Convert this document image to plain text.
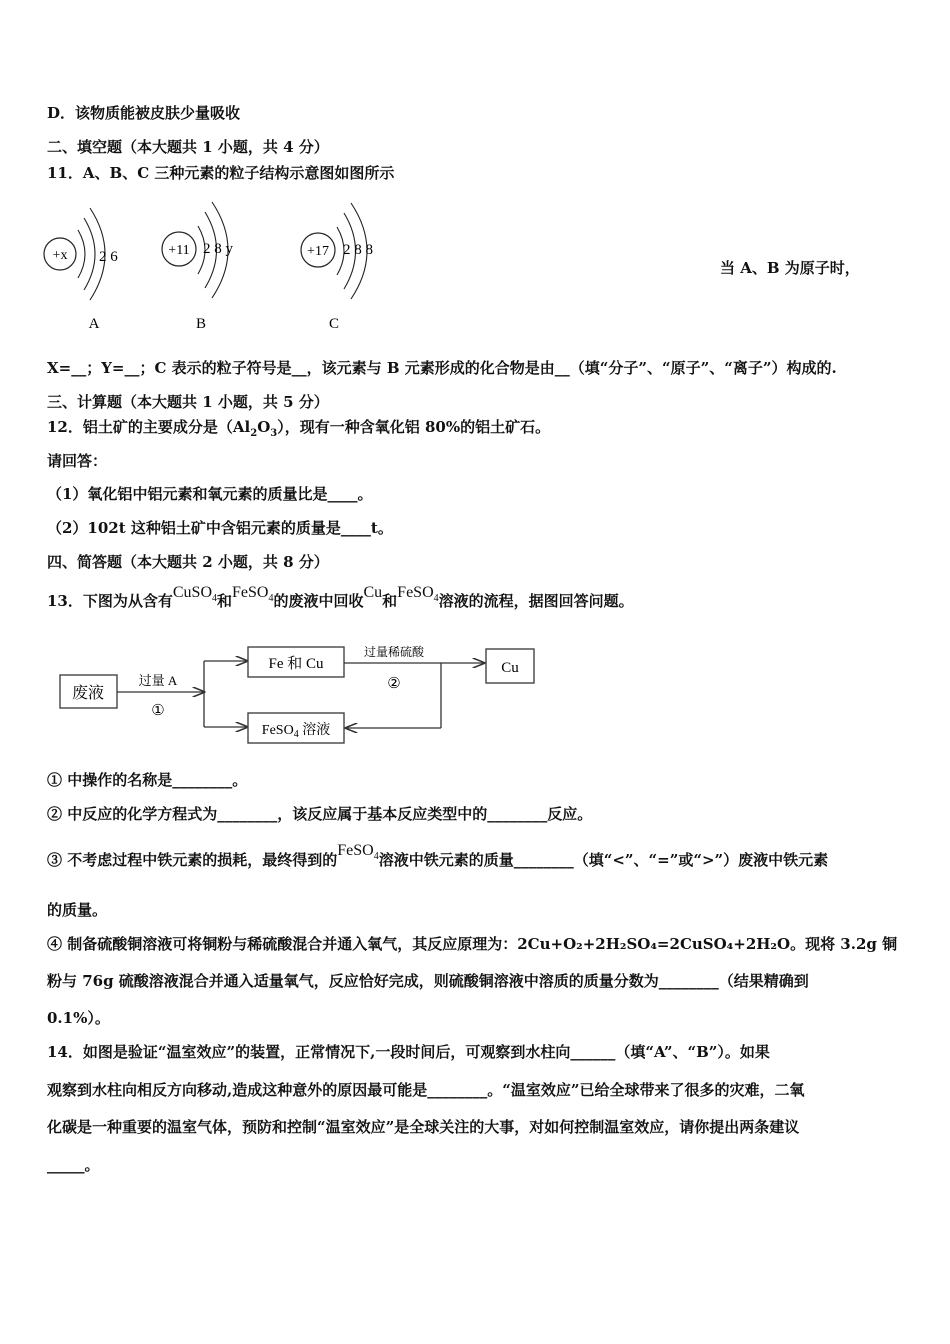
D．该物质能被皮肤少量吸收
二、填空题（本大题共 1 小题，共 4 分）
11．A、B、C 三种元素的粒子结构示意图如图所示
+x 2 6
A
+11 2 8 y
B
+17 2 8 8
C
当 A、B 为原子时，
X=__；Y=__；C 表示的粒子符号是__，该元素与 B 元素形成的化合物是由__（填“分子”、“原子”、“离子”）构成的.
三、计算题（本大题共 1 小题，共 5 分）
12．铝土矿的主要成分是$(Al_2O_3)$，现有一种含氧化铝 80%的铝土矿石。
请回答：
（1）氧化铝中铝元素和氧元素的质量比是____。
（2）102t 这种铝土矿中含铝元素的质量是____t。
四、简答题（本大题共 2 小题，共 8 分）
13．下图为从含有CuSO$_4$和FeSO$_4$的废液中回收Cu和FeSO$_4$溶液的流程，据图回答问题。
废液
过量 A
①
Fe 和 Cu
过量稀硫酸
②
Cu
FeSO$_4$ 溶液
① 中操作的名称是________。
② 中反应的化学方程式为________，该反应属于基本反应类型中的________反应。
③ 不考虑过程中铁元素的损耗，最终得到的FeSO$_4$溶液中铁元素的质量________（填“<”、“=”或“>”）废液中铁元素
的质量。
④ 制备硫酸铜溶液可将铜粉与稀硫酸混合并通入氧气，其反应原理为：2Cu+O₂+2H₂SO₄=2CuSO₄+2H₂O。现将 3.2g 铜
粉与 76g 硫酸溶液混合并通入适量氧气，反应恰好完成，则硫酸铜溶液中溶质的质量分数为________（结果精确到
0.1%）。
14．如图是验证“温室效应”的装置，正常情况下,一段时间后，可观察到水柱向______（填“A”、“B”）。如果
观察到水柱向相反方向移动,造成这种意外的原因最可能是________。“温室效应”已给全球带来了很多的灾难，二氧
化碳是一种重要的温室气体，预防和控制“温室效应”是全球关注的大事，对如何控制温室效应，请你提出两条建议
_____。
